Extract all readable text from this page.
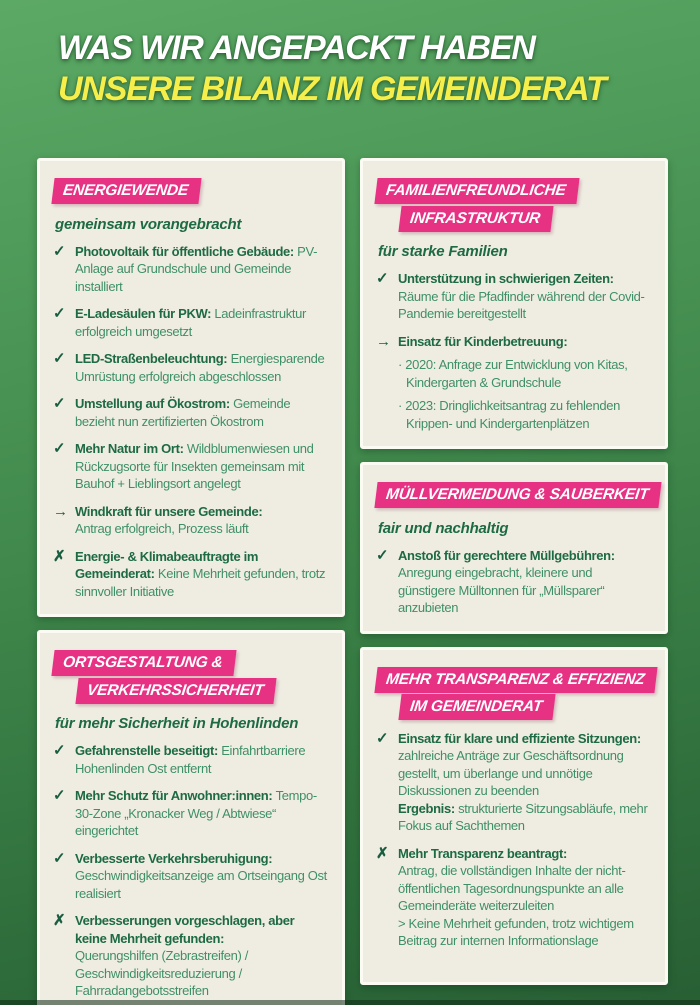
WAS WIR ANGEPACKT HABEN
UNSERE BILANZ IM GEMEINDERAT
ENERGIEWENDE
gemeinsam vorangebracht
✓ Photovoltaik für öffentliche Gebäude: PV-Anlage auf Grundschule und Gemeinde installiert
✓ E-Ladesäulen für PKW: Ladeinfrastruktur erfolgreich umgesetzt
✓ LED-Straßenbeleuchtung: Energiesparende Umrüstung erfolgreich abgeschlossen
✓ Umstellung auf Ökostrom: Gemeinde bezieht nun zertifizierten Ökostrom
✓ Mehr Natur im Ort: Wildblumenwiesen und Rückzugsorte für Insekten gemeinsam mit Bauhof + Lieblingsort angelegt
→ Windkraft für unsere Gemeinde:
Antrag erfolgreich, Prozess läuft
✗ Energie- & Klimabeauftragte im Gemeinderat: Keine Mehrheit gefunden, trotz sinnvoller Initiative
ORTSGESTALTUNG &
VERKEHRSSICHERHEIT
für mehr Sicherheit in Hohenlinden
✓ Gefahrenstelle beseitigt: Einfahrtbarriere Hohenlinden Ost entfernt
✓ Mehr Schutz für Anwohner:innen: Tempo-30-Zone „Kronacker Weg / Abtwiese“ eingerichtet
✓ Verbesserte Verkehrsberuhigung: Geschwindigkeitsanzeige am Ortseingang Ost realisiert
✗ Verbesserungen vorgeschlagen, aber keine Mehrheit gefunden:
Querungshilfen (Zebrastreifen) / Geschwindigkeitsreduzierung / Fahrradangebotsstreifen
FAMILIENFREUNDLICHE
INFRASTRUKTUR
für starke Familien
✓ Unterstützung in schwierigen Zeiten: Räume für die Pfadfinder während der Covid-Pandemie bereitgestellt
→ Einsatz für Kinderbetreuung:
· 2020: Anfrage zur Entwicklung von Kitas, Kindergarten & Grundschule
· 2023: Dringlichkeitsantrag zu fehlenden Krippen- und Kindergartenplätzen
MÜLLVERMEIDUNG & SAUBERKEIT
fair und nachhaltig
✓ Anstoß für gerechtere Müllgebühren: Anregung eingebracht, kleinere und günstigere Mülltonnen für „Müllsparer“ anzubieten
MEHR TRANSPARENZ & EFFIZIENZ
IM GEMEINDERAT
✓ Einsatz für klare und effiziente Sitzungen: zahlreiche Anträge zur Geschäftsordnung gestellt, um überlange und unnötige Diskussionen zu beenden
Ergebnis: strukturierte Sitzungsabläufe, mehr Fokus auf Sachthemen
✗ Mehr Transparenz beantragt:
Antrag, die vollständigen Inhalte der nicht-öffentlichen Tagesordnungspunkte an alle Gemeinderäte weiterzuleiten
> Keine Mehrheit gefunden, trotz wichtigem Beitrag zur internen Informationslage
